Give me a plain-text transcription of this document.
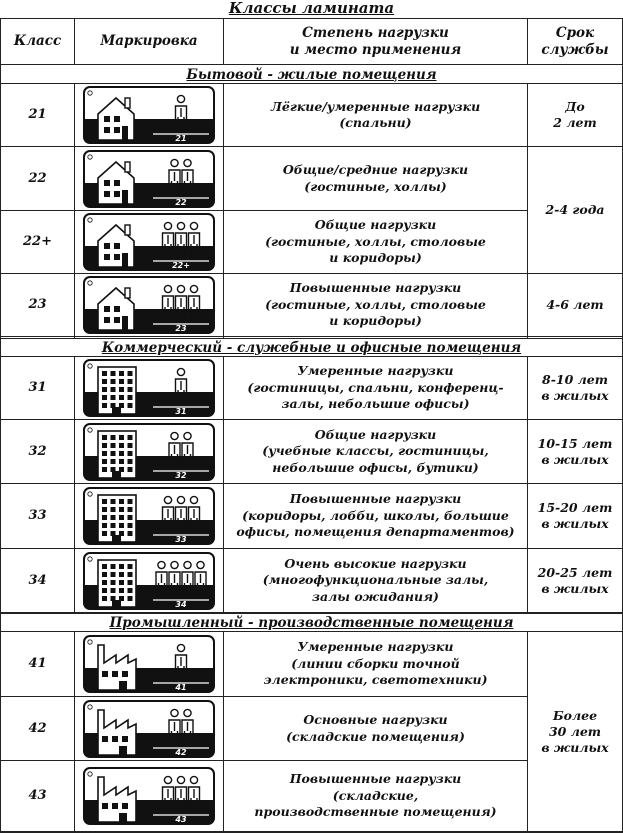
Классы ламината
Класс	Маркировка
Степень нагрузки
и место применения
Срок
службы
Бытовой - жилые помещения
Коммерческий - служебные и офисные помещения
Промышленный - производственные помещения
21
21
Лёгкие/умеренные нагрузки
(спальни)
22
22
Общие/средние нагрузки
(гостиные, холлы)
22+
22+
Общие нагрузки
(гостиные, холлы, столовые
и коридоры)
23
23
Повышенные нагрузки
(гостиные, холлы, столовые
и коридоры)
31
31
Умеренные нагрузки
(гостиницы, спальни, конференц-
залы, небольшие офисы)
32
32
Общие нагрузки
(учебные классы, гостиницы,
небольшие офисы, бутики)
33
33
Повышенные нагрузки
(коридоры, лобби, школы, большие
офисы, помещения департаментов)
34
34
Очень высокие нагрузки
(многофункциональные залы,
залы ожидания)
41
41
Умеренные нагрузки
(линии сборки точной
электроники, светотехники)
42
42
Основные нагрузки
(складские помещения)
43
43
Повышенные нагрузки
(складские,
производственные помещения)
До
2 лет
2-4 года
4-6 лет
8-10 лет
в жилых
10-15 лет
в жилых
15-20 лет
в жилых
20-25 лет
в жилых
Более
30 лет
в жилых
